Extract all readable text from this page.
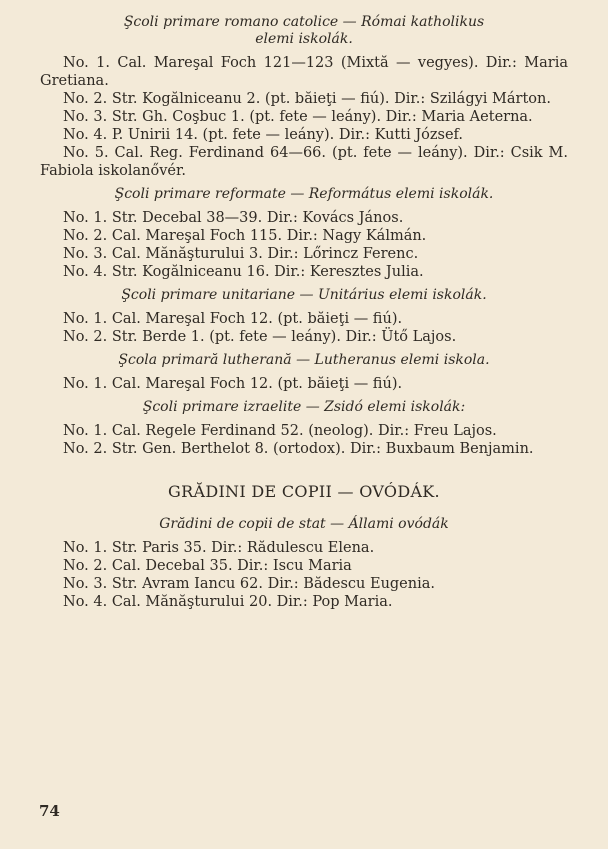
Şcoli primare romano catolice — Római katholikus

elemi iskolák.

No. 1. Cal. Mareşal Foch 121—123 (Mixtă — vegyes). Dir.: Maria Gretiana.

No. 2. Str. Kogălniceanu 2. (pt. băieţi — fiú). Dir.: Szilágyi Márton.

No. 3. Str. Gh. Coşbuc 1. (pt. fete — leány). Dir.: Maria Aeterna.

No. 4. P. Unirii 14. (pt. fete — leány). Dir.: Kutti József.

No. 5. Cal. Reg. Ferdinand 64—66. (pt. fete — leány). Dir.: Csik M. Fabiola iskolanővér.

Şcoli primare reformate — Református elemi iskolák.

No. 1. Str. Decebal 38—39. Dir.: Kovács János.

No. 2. Cal. Mareşal Foch 115. Dir.: Nagy Kálmán.

No. 3. Cal. Mănăşturului 3. Dir.: Lőrincz Ferenc.

No. 4. Str. Kogălniceanu 16. Dir.: Keresztes Julia.

Şcoli primare unitariane — Unitárius elemi iskolák.

No. 1. Cal. Mareşal Foch 12. (pt. băieţi — fiú).

No. 2. Str. Berde 1. (pt. fete — leány). Dir.: Ütő Lajos.

Şcola primară lutherană — Lutheranus elemi iskola.

No. 1. Cal. Mareşal Foch 12. (pt. băieţi — fiú).

Şcoli primare izraelite — Zsidó elemi iskolák:

No. 1. Cal. Regele Ferdinand 52. (neolog). Dir.: Freu Lajos.

No. 2. Str. Gen. Berthelot 8. (ortodox). Dir.: Buxbaum Benjamin.

GRĂDINI DE COPII — OVÓDÁK.

Grădini de copii de stat — Állami ovódák

No. 1. Str. Paris 35. Dir.: Rădulescu Elena.

No. 2. Cal. Decebal 35. Dir.: Iscu Maria

No. 3. Str. Avram Iancu 62. Dir.: Bădescu Eugenia.

No. 4. Cal. Mănăşturului 20. Dir.: Pop Maria.

74
